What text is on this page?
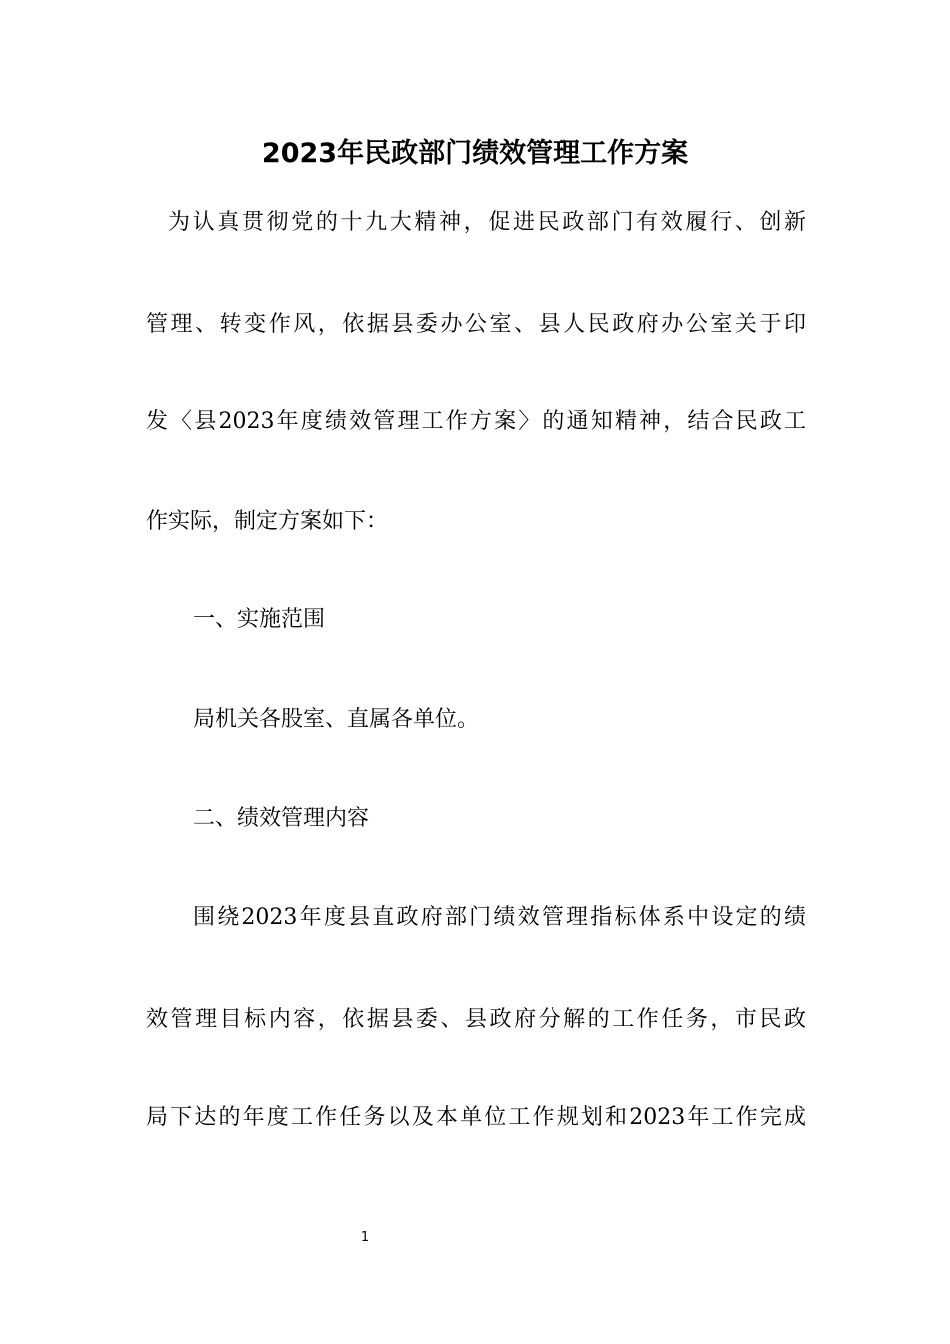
2023年民政部门绩效管理工作方案

为认真贯彻党的十九大精神，促进民政部门有效履行、创新

管理、转变作风，依据县委办公室、县人民政府办公室关于印

发〈县2023年度绩效管理工作方案〉的通知精神，结合民政工

作实际，制定方案如下：

一、实施范围

局机关各股室、直属各单位。

二、绩效管理内容

围绕2023年度县直政府部门绩效管理指标体系中设定的绩

效管理目标内容，依据县委、县政府分解的工作任务，市民政

局下达的年度工作任务以及本单位工作规划和2023年工作完成

1
